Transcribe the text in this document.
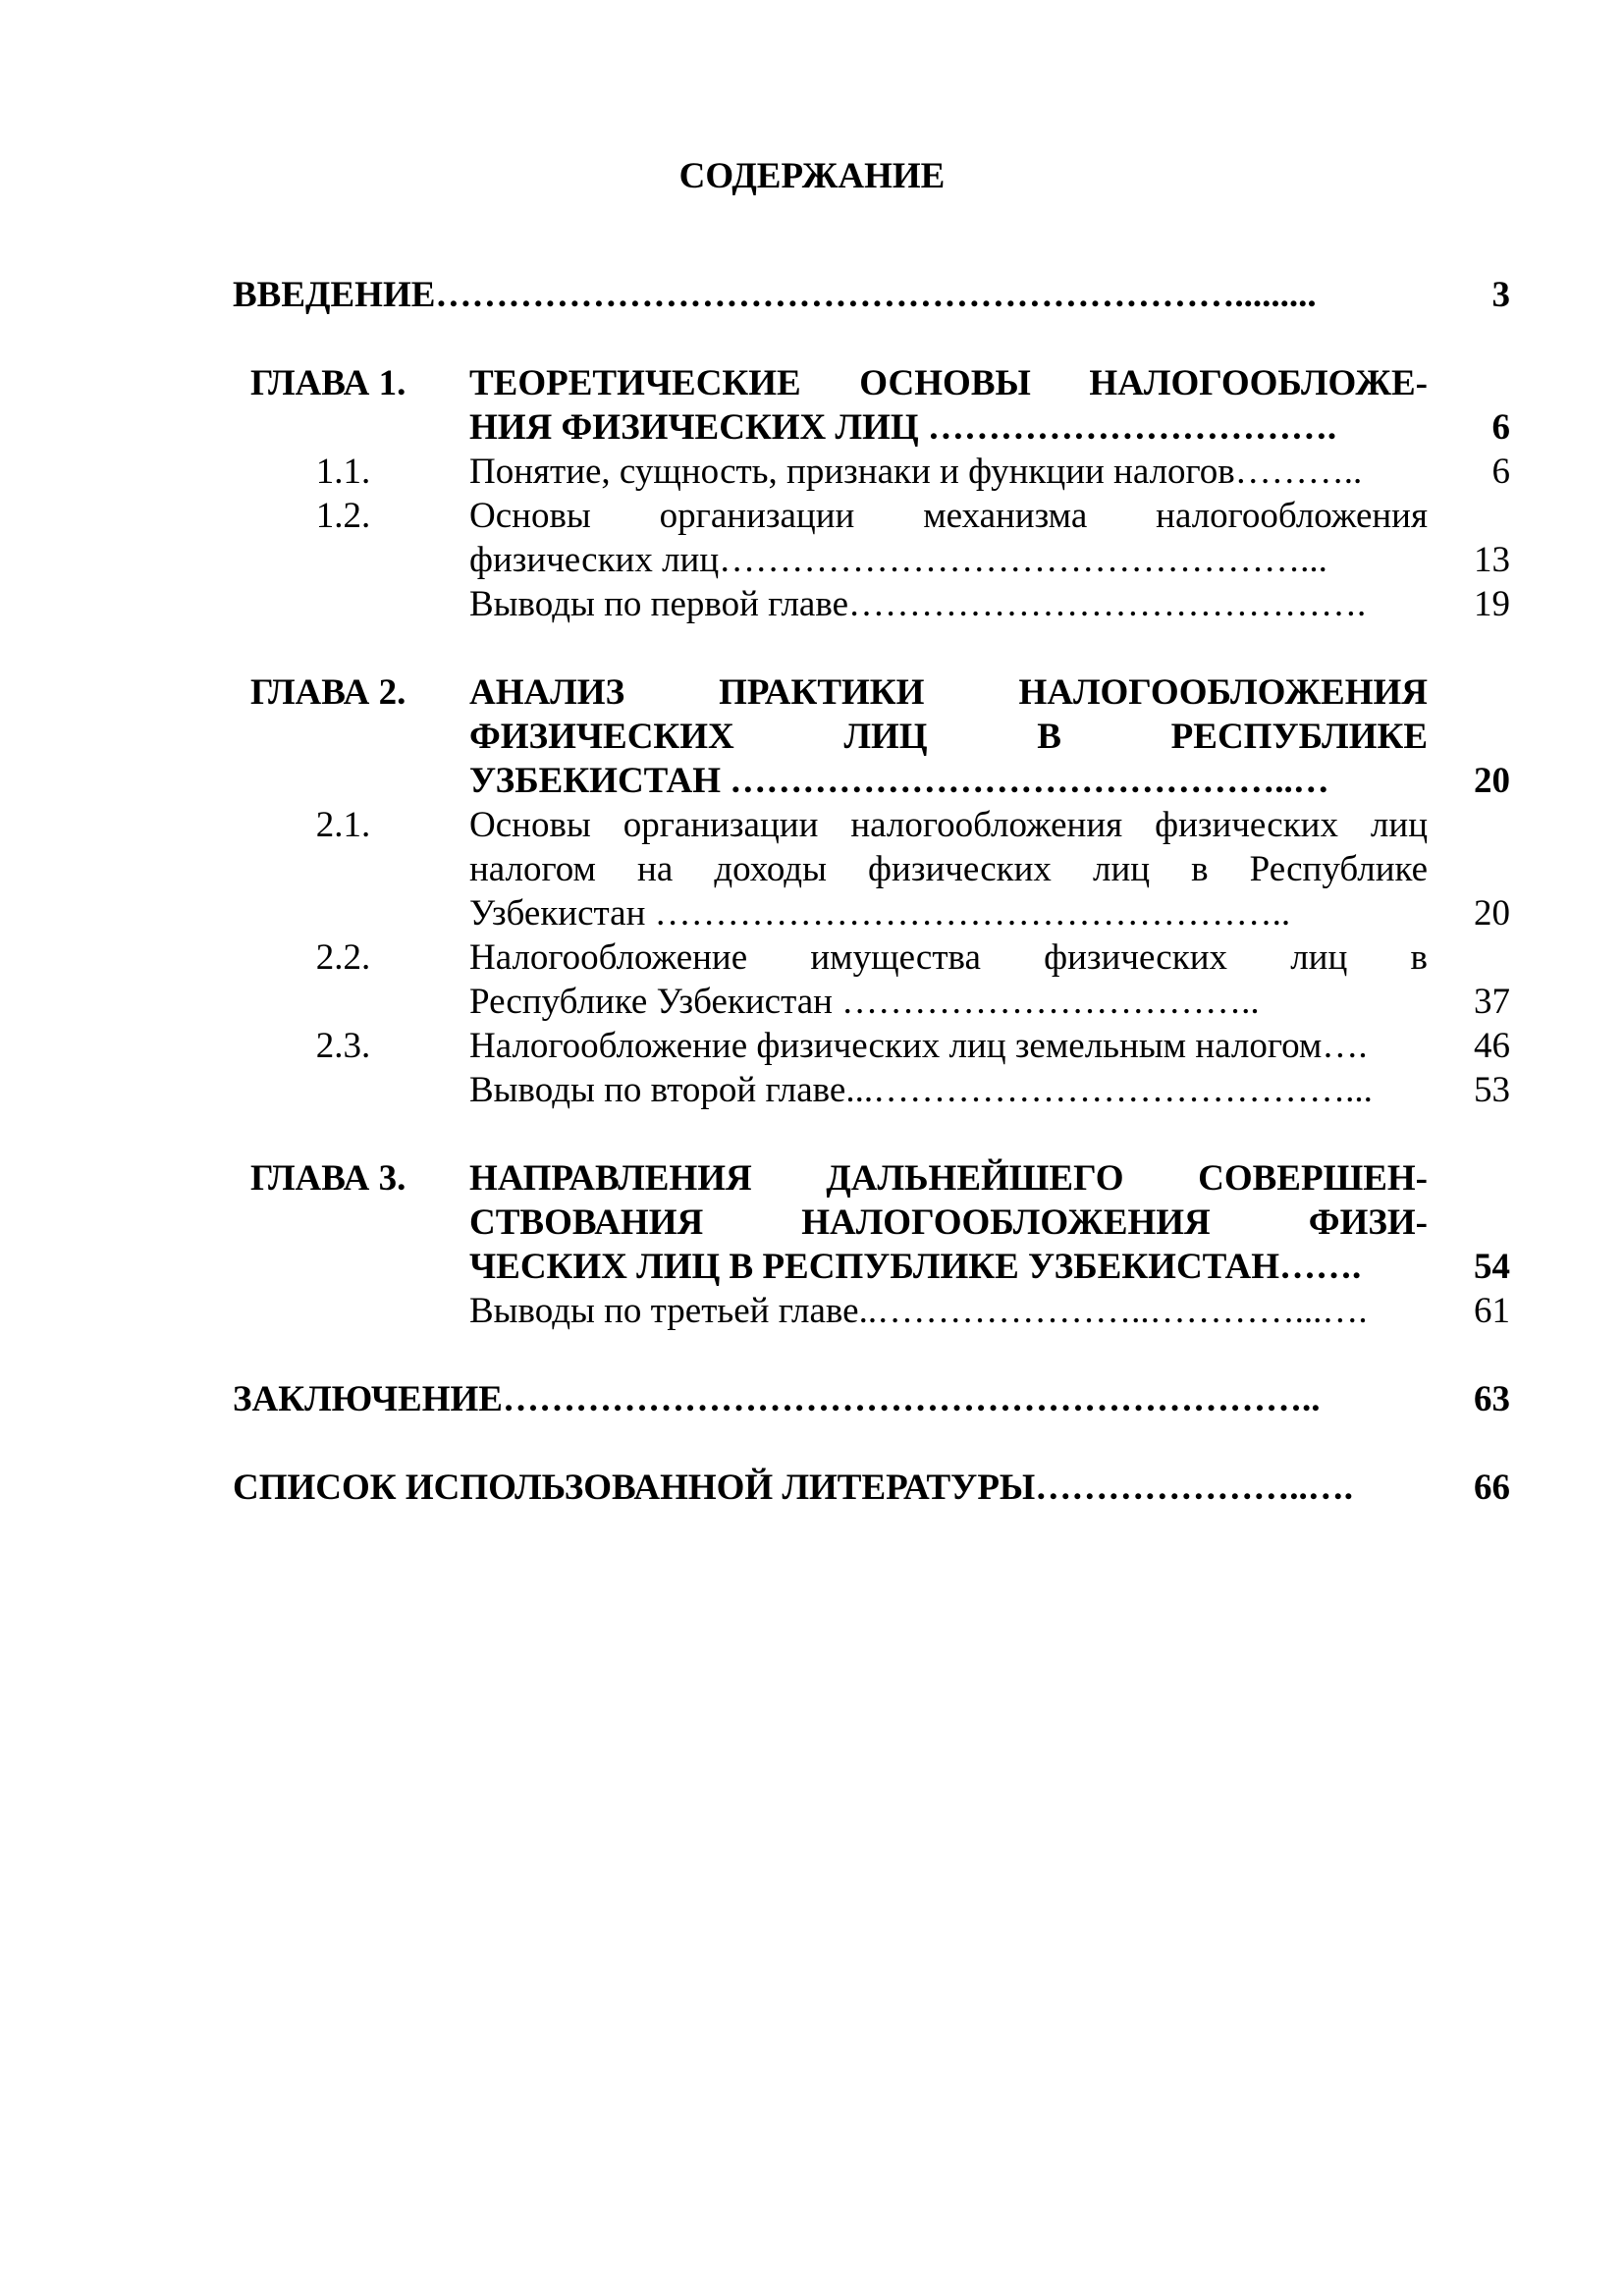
СОДЕРЖАНИЕ
ВВЕДЕНИЕ………………………………………………………….........	3
ГЛАВА 1. ТЕОРЕТИЧЕСКИЕ ОСНОВЫ НАЛОГООБЛОЖЕ-
НИЯ ФИЗИЧЕСКИХ ЛИЦ …………………………….	6
1.1.	Понятие, сущность, признаки и функции налогов………..	6
1.2.	Основы организации механизма налогообложения
физических лиц…………………………………………...	13
Выводы по первой главе…………………………………….	19
ГЛАВА 2. АНАЛИЗ ПРАКТИКИ НАЛОГООБЛОЖЕНИЯ
ФИЗИЧЕСКИХ ЛИЦ В РЕСПУБЛИКЕ
УЗБЕКИСТАН ………………………………………..…	20
2.1.	Основы организации налогообложения физических лиц
налогом на доходы физических лиц в Республике
Узбекистан ……………………………………………..	20
2.2.	Налогообложение имущества физических лиц в
Республике Узбекистан ……………………………..	37
2.3.	Налогообложение физических лиц земельным налогом….	46
Выводы по второй главе...…………………………………...	53
ГЛАВА 3. НАПРАВЛЕНИЯ ДАЛЬНЕЙШЕГО СОВЕРШЕН-
СТВОВАНИЯ НАЛОГООБЛОЖЕНИЯ ФИЗИ-
ЧЕСКИХ ЛИЦ В РЕСПУБЛИКЕ УЗБЕКИСТАН…….	54
Выводы по третьей главе..…………………..…………...….	61
ЗАКЛЮЧЕНИЕ…………………………………………………………..	63
СПИСОК ИСПОЛЬЗОВАННОЙ ЛИТЕРАТУРЫ…………………..….	66
